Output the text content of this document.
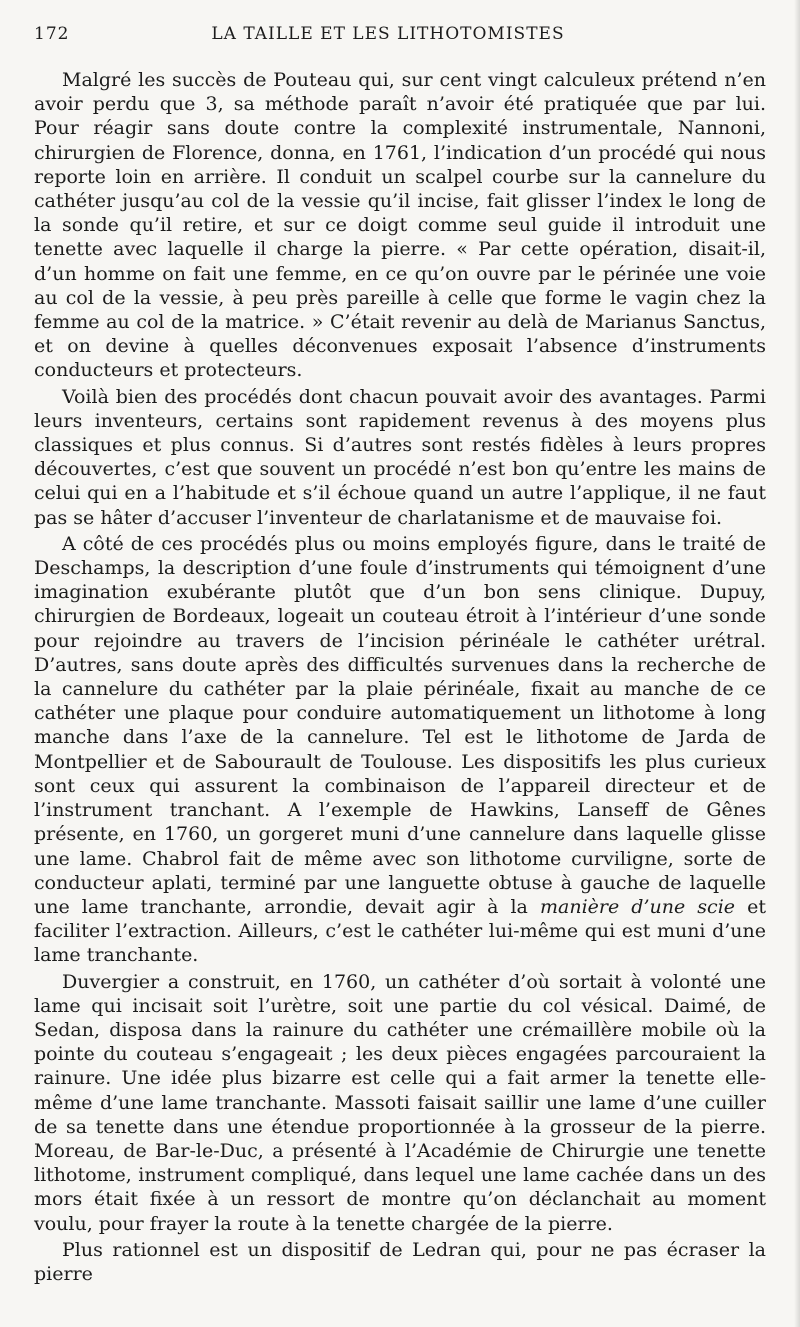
172	LA TAILLE ET LES LITHOTOMISTES

Malgré les succès de Pouteau qui, sur cent vingt calculeux prétend n’en avoir perdu que 3, sa méthode paraît n’avoir été pratiquée que par lui. Pour réagir sans doute contre la complexité instrumentale, Nannoni, chirurgien de Florence, donna, en 1761, l’indication d’un procédé qui nous reporte loin en arrière. Il conduit un scalpel courbe sur la cannelure du cathéter jusqu’au col de la vessie qu’il incise, fait glisser l’index le long de la sonde qu’il retire, et sur ce doigt comme seul guide il introduit une tenette avec laquelle il charge la pierre. « Par cette opération, disait-il, d’un homme on fait une femme, en ce qu’on ouvre par le périnée une voie au col de la vessie, à peu près pareille à celle que forme le vagin chez la femme au col de la matrice. » C’était revenir au delà de Marianus Sanctus, et on devine à quelles déconvenues exposait l’absence d’instruments conducteurs et protecteurs.

Voilà bien des procédés dont chacun pouvait avoir des avantages. Parmi leurs inventeurs, certains sont rapidement revenus à des moyens plus classiques et plus connus. Si d’autres sont restés fidèles à leurs propres découvertes, c’est que souvent un procédé n’est bon qu’entre les mains de celui qui en a l’habitude et s’il échoue quand un autre l’applique, il ne faut pas se hâter d’accuser l’inventeur de charlatanisme et de mauvaise foi.

A côté de ces procédés plus ou moins employés figure, dans le traité de Deschamps, la description d’une foule d’instruments qui témoignent d’une imagination exubérante plutôt que d’un bon sens clinique. Dupuy, chirurgien de Bordeaux, logeait un couteau étroit à l’intérieur d’une sonde pour rejoindre au travers de l’incision périnéale le cathéter urétral. D’autres, sans doute après des difficultés survenues dans la recherche de la cannelure du cathéter par la plaie périnéale, fixait au manche de ce cathéter une plaque pour conduire automatiquement un lithotome à long manche dans l’axe de la cannelure. Tel est le lithotome de Jarda de Montpellier et de Sabourault de Toulouse. Les dispositifs les plus curieux sont ceux qui assurent la combinaison de l’appareil directeur et de l’instrument tranchant. A l’exemple de Hawkins, Lanseff de Gênes présente, en 1760, un gorgeret muni d’une cannelure dans laquelle glisse une lame. Chabrol fait de même avec son lithotome curviligne, sorte de conducteur aplati, terminé par une languette obtuse à gauche de laquelle une lame tranchante, arrondie, devait agir à la manière d’une scie et faciliter l’extraction. Ailleurs, c’est le cathéter lui-même qui est muni d’une lame tranchante.

Duvergier a construit, en 1760, un cathéter d’où sortait à volonté une lame qui incisait soit l’urètre, soit une partie du col vésical. Daimé, de Sedan, disposa dans la rainure du cathéter une crémaillère mobile où la pointe du couteau s’engageait ; les deux pièces engagées parcouraient la rainure. Une idée plus bizarre est celle qui a fait armer la tenette elle-même d’une lame tranchante. Massoti faisait saillir une lame d’une cuiller de sa tenette dans une étendue proportionnée à la grosseur de la pierre. Moreau, de Bar-le-Duc, a présenté à l’Académie de Chirurgie une tenette lithotome, instrument compliqué, dans lequel une lame cachée dans un des mors était fixée à un ressort de montre qu’on déclanchait au moment voulu, pour frayer la route à la tenette chargée de la pierre.

Plus rationnel est un dispositif de Ledran qui, pour ne pas écraser la pierre
